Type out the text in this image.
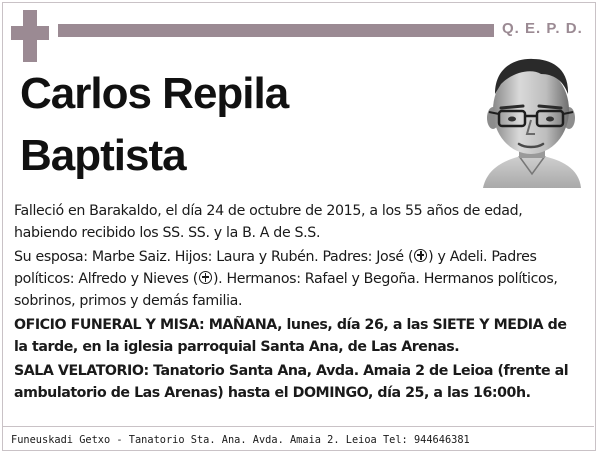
Q. E. P. D.
Carlos Repila
Baptista
Falleció en Barakaldo, el día 24 de octubre de 2015, a los 55 años de edad,
habiendo recibido los SS. SS. y la B. A de S.S.
Su esposa: Marbe Saiz. Hijos: Laura y Rubén. Padres: José ( ) y Adeli. Padres
políticos: Alfredo y Nieves ( ). Hermanos: Rafael y Begoña. Hermanos políticos,
sobrinos, primos y demás familia.
OFICIO FUNERAL Y MISA: MAÑANA, lunes, día 26, a las SIETE Y MEDIA de
la tarde, en la iglesia parroquial Santa Ana, de Las Arenas.
SALA VELATORIO: Tanatorio Santa Ana, Avda. Amaia 2 de Leioa (frente al
ambulatorio de Las Arenas) hasta el DOMINGO, día 25, a las 16:00h.
Funeuskadi Getxo - Tanatorio Sta. Ana. Avda. Amaia 2. Leioa Tel: 944646381
